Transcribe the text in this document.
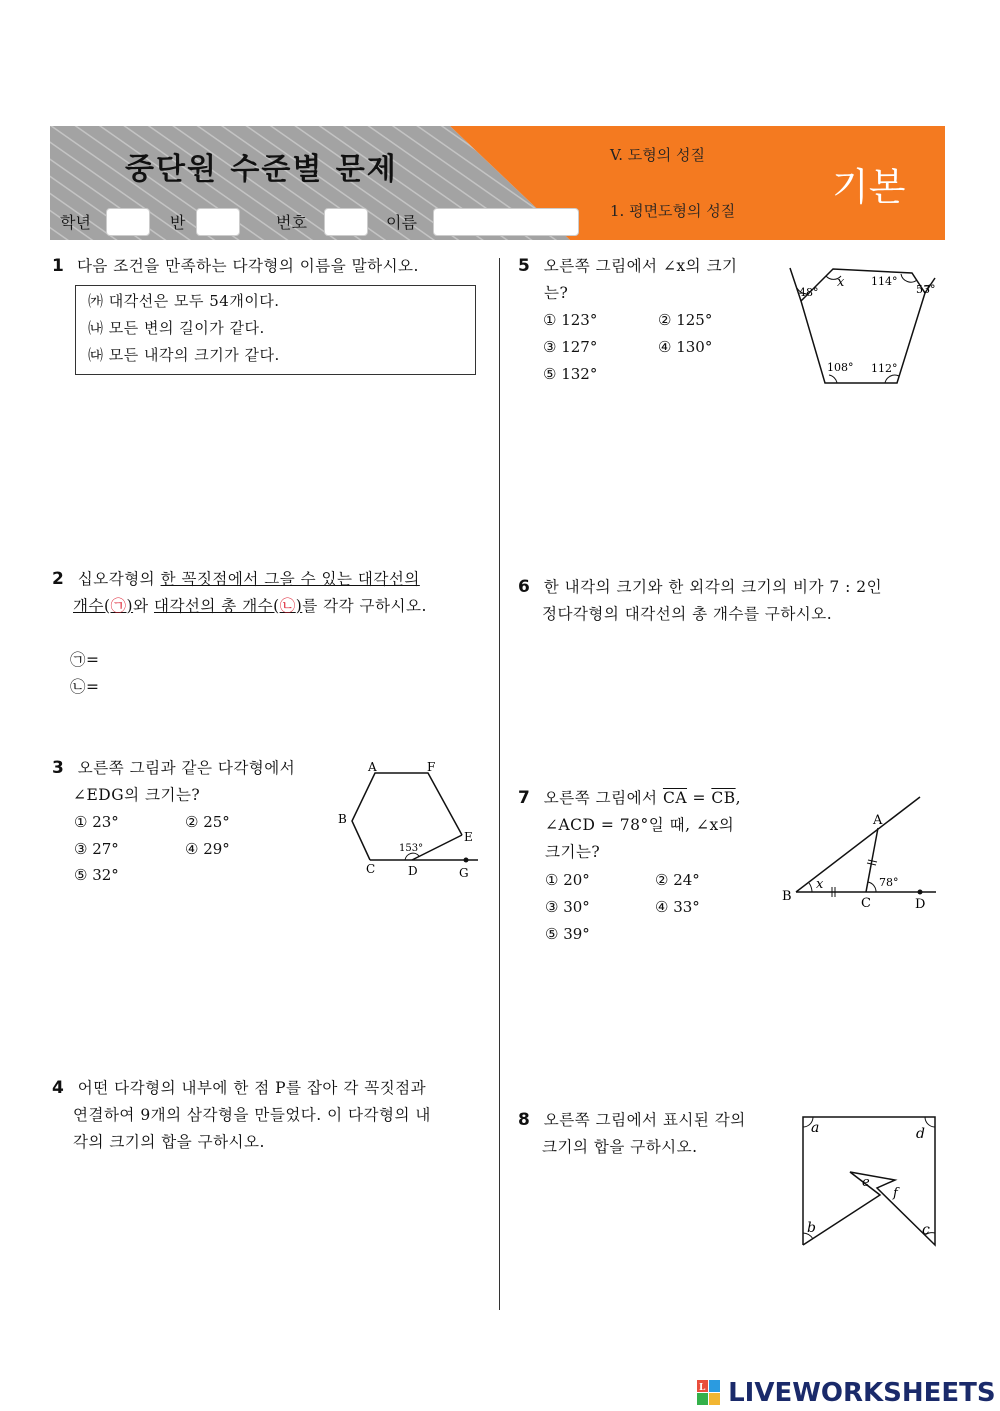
중단원 수준별 문제
학년	반	번호	이름
V. 도형의 성질
1. 평면도형의 성질
기본
1 다음 조건을 만족하는 다각형의 이름을 말하시오.
㈎ 대각선은 모두 54개이다.
㈏ 모든 변의 길이가 같다.
㈐ 모든 내각의 크기가 같다.
2 십오각형의 한 꼭짓점에서 그을 수 있는 대각선의
개수(㉠)와 대각선의 총 개수(㉡)를 각각 구하시오.
㉠=
㉡=
3 오른쪽 그림과 같은 다각형에서
∠EDG의 크기는?
① 23°	② 25°
③ 27°	④ 29°
⑤ 32°
A	F
B
E
C	D	G
153°
4 어떤 다각형의 내부에 한 점 P를 잡아 각 꼭짓점과
연결하여 9개의 삼각형을 만들었다. 이 다각형의 내
각의 크기의 합을 구하시오.
5 오른쪽 그림에서 ∠x의 크기
는?
① 123°	② 125°
③ 127°	④ 130°
⑤ 132°
48°
x 114°
53°
108° 112°
6 한 내각의 크기와 한 외각의 크기의 비가 7 : 2인
정다각형의 대각선의 총 개수를 구하시오.
7 오른쪽 그림에서 $\overline{CA} = \overline{CB}$,
∠ACD = 78°일 때, ∠x의
크기는?
① 20°	② 24°
③ 30°	④ 33°
⑤ 39°
A
B	C	D
x	78°
8 오른쪽 그림에서 표시된 각의
크기의 합을 구하시오.
a	d
e
f
b	c
L LIVEWORKSHEETS
